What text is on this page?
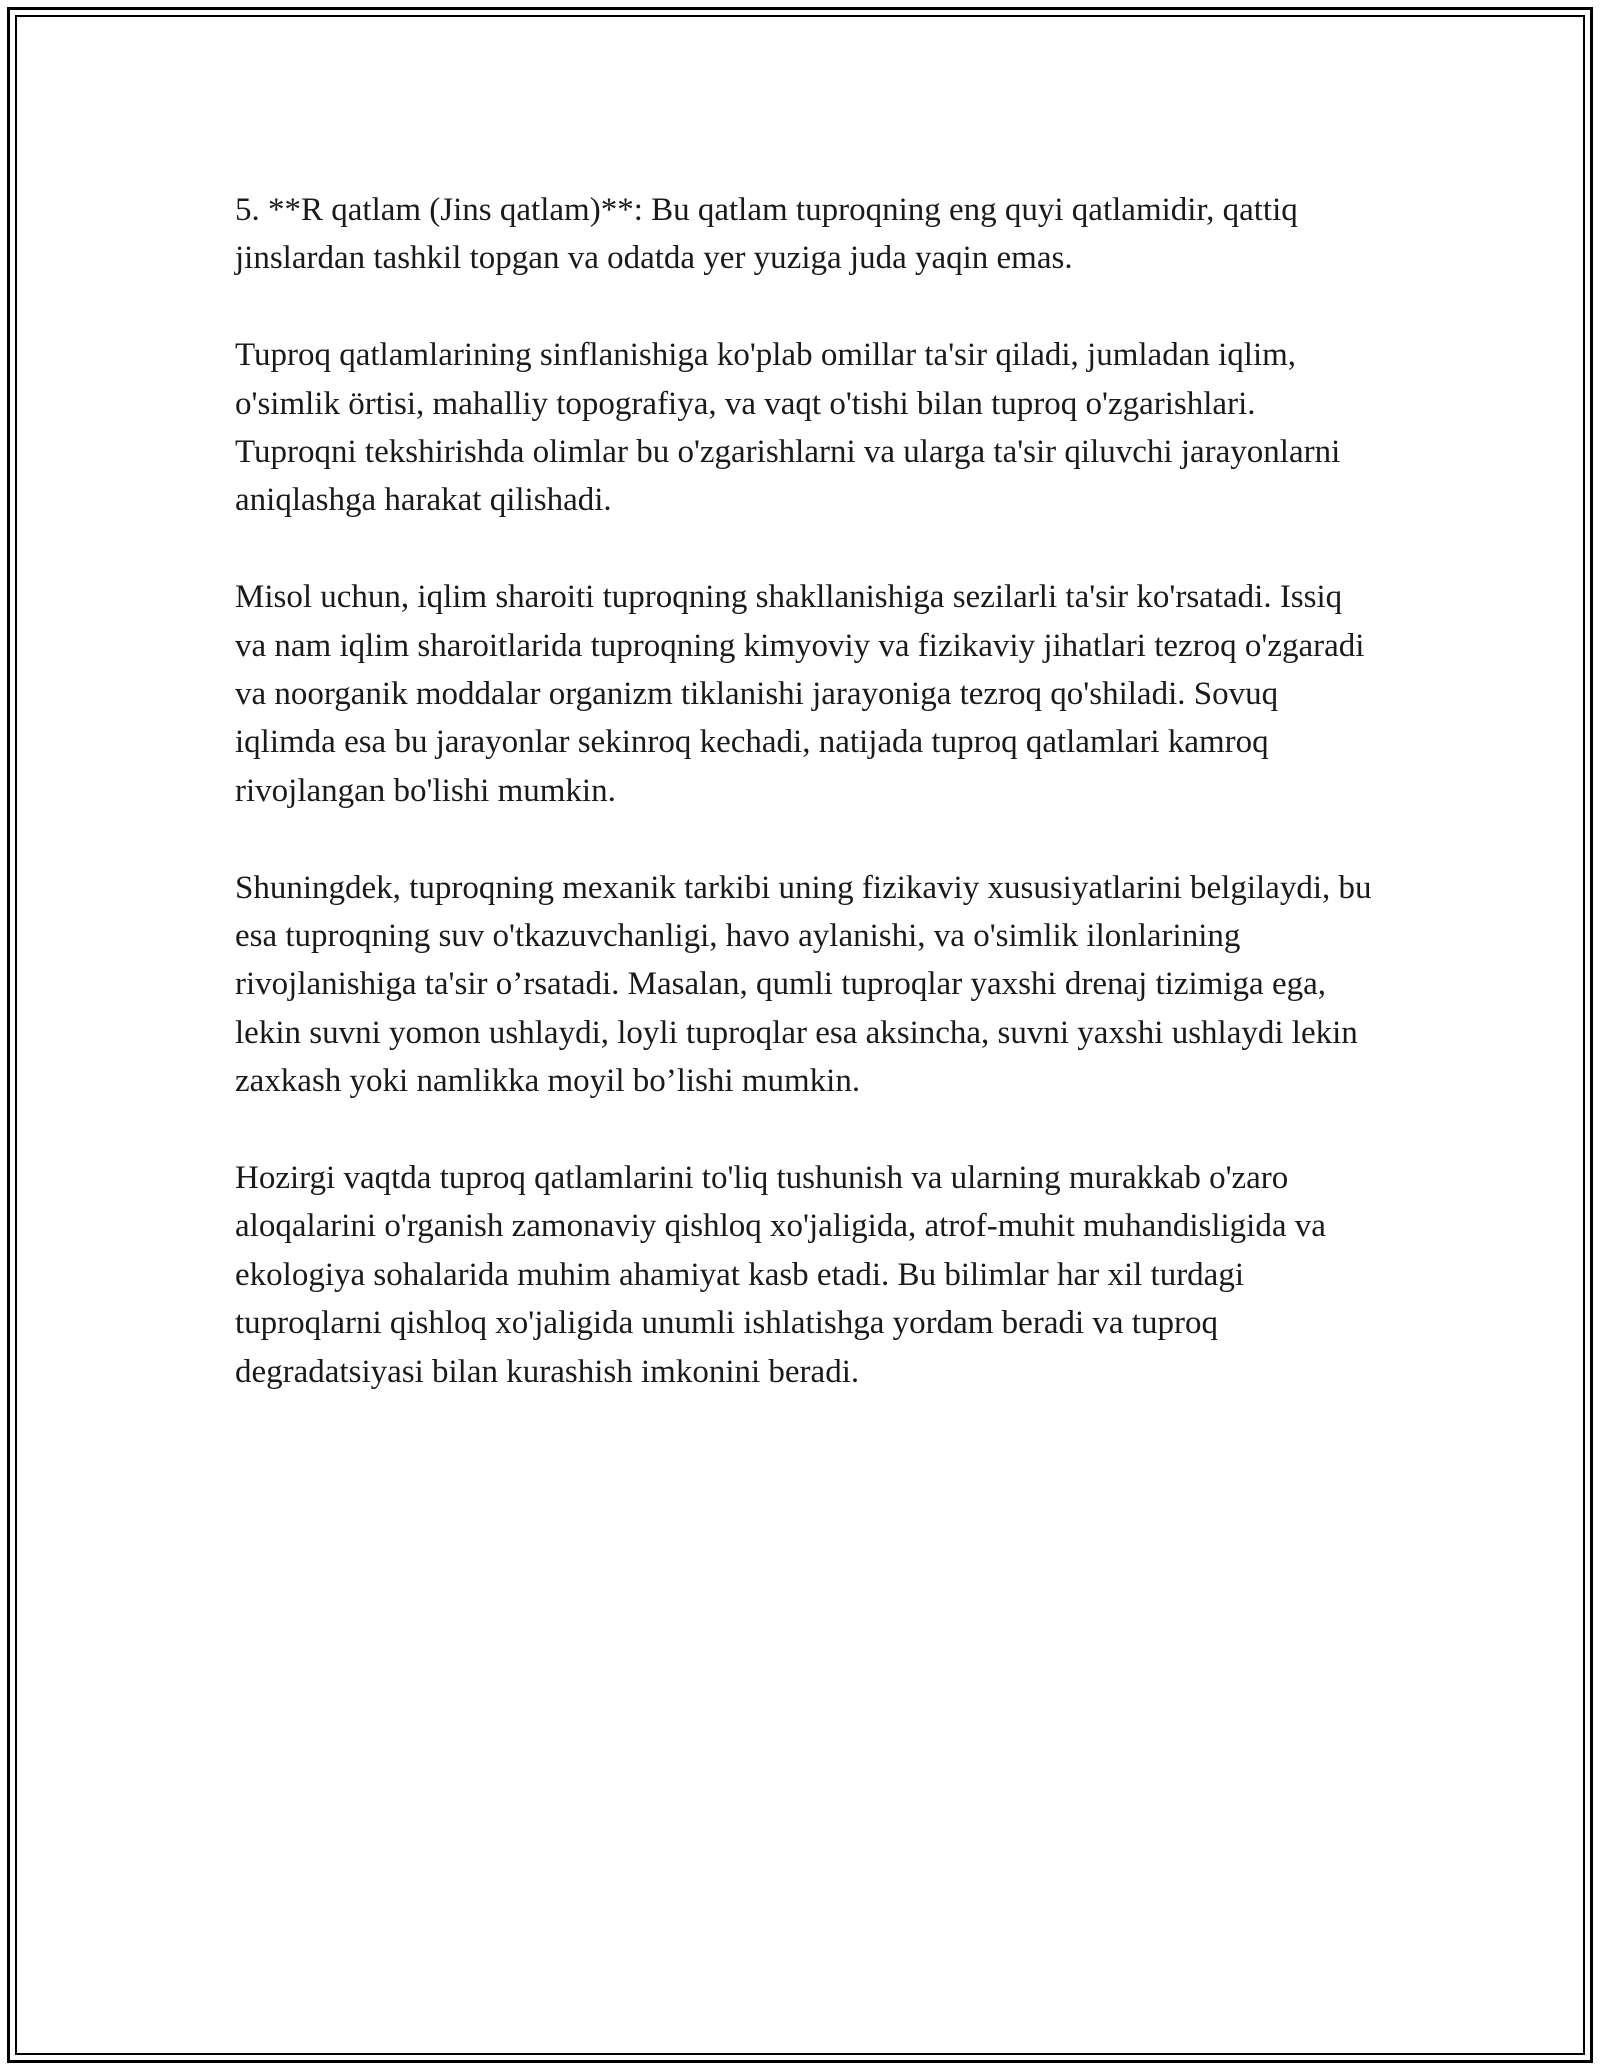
5. **R qatlam (Jins qatlam)**: Bu qatlam tuproqning eng quyi qatlamidir, qattiq jinslardan tashkil topgan va odatda yer yuziga juda yaqin emas.

Tuproq qatlamlarining sinflanishiga ko'plab omillar ta'sir qiladi, jumladan iqlim, o'simlik örtisi, mahalliy topografiya, va vaqt o'tishi bilan tuproq o'zgarishlari. Tuproqni tekshirishda olimlar bu o'zgarishlarni va ularga ta'sir qiluvchi jarayonlarni aniqlashga harakat qilishadi.

Misol uchun, iqlim sharoiti tuproqning shakllanishiga sezilarli ta'sir ko'rsatadi. Issiq va nam iqlim sharoitlarida tuproqning kimyoviy va fizikaviy jihatlari tezroq o'zgaradi va noorganik moddalar organizm tiklanishi jarayoniga tezroq qo'shiladi. Sovuq iqlimda esa bu jarayonlar sekinroq kechadi, natijada tuproq qatlamlari kamroq rivojlangan bo'lishi mumkin.

Shuningdek, tuproqning mexanik tarkibi uning fizikaviy xususiyatlarini belgilaydi, bu esa tuproqning suv o'tkazuvchanligi, havo aylanishi, va o'simlik ilonlarining rivojlanishiga ta'sir o’rsatadi. Masalan, qumli tuproqlar yaxshi drenaj tizimiga ega, lekin suvni yomon ushlaydi, loyli tuproqlar esa aksincha, suvni yaxshi ushlaydi lekin zaxkash yoki namlikka moyil bo’lishi mumkin.

Hozirgi vaqtda tuproq qatlamlarini to'liq tushunish va ularning murakkab o'zaro aloqalarini o'rganish zamonaviy qishloq xo'jaligida, atrof-muhit muhandisligida va ekologiya sohalarida muhim ahamiyat kasb etadi. Bu bilimlar har xil turdagi tuproqlarni qishloq xo'jaligida unumli ishlatishga yordam beradi va tuproq degradatsiyasi bilan kurashish imkonini beradi.
